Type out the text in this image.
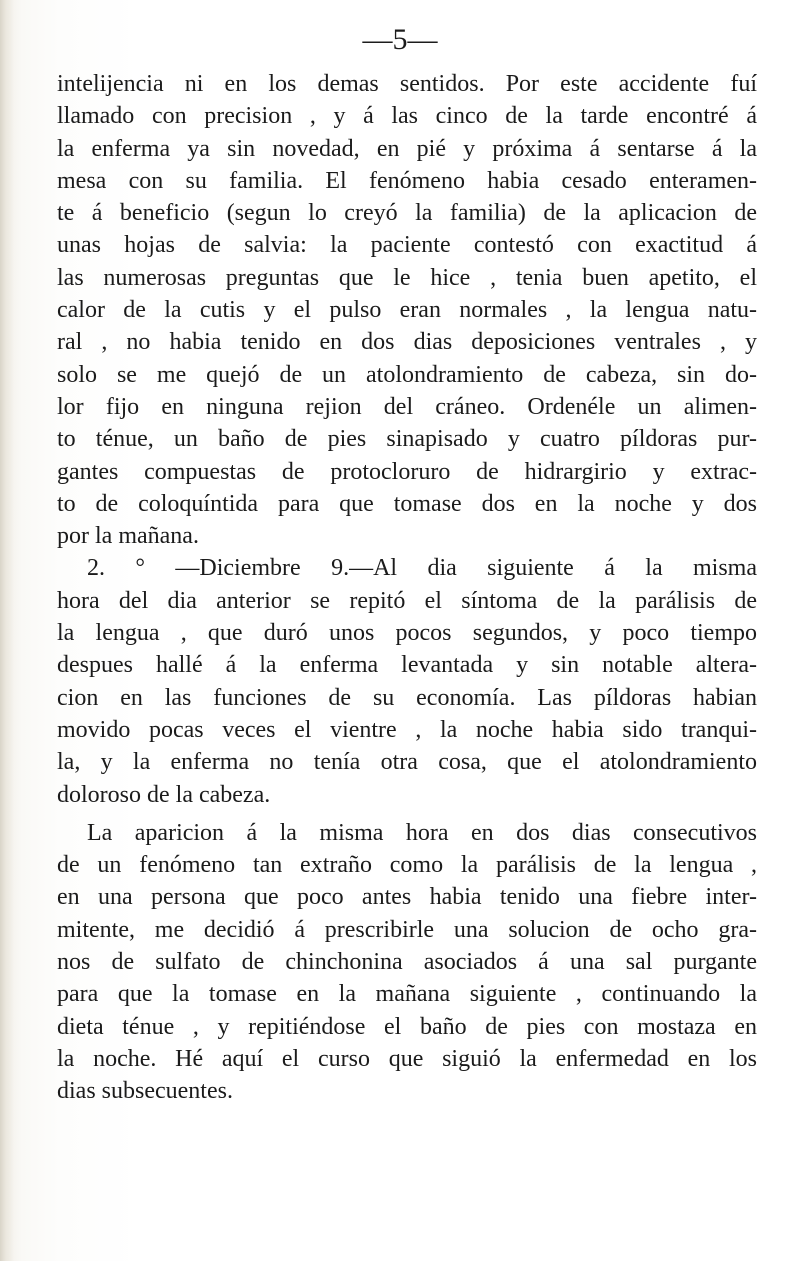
—5—
intelijencia ni en los demas sentidos. Por este accidente fuí
llamado con precision , y á las cinco de la tarde encontré á
la enferma ya sin novedad, en pié y próxima á sentarse á la
mesa con su familia. El fenómeno habia cesado enteramen-
te á beneficio (segun lo creyó la familia) de la aplicacion de
unas hojas de salvia: la paciente contestó con exactitud á
las numerosas preguntas que le hice , tenia buen apetito, el
calor de la cutis y el pulso eran normales , la lengua natu-
ral , no habia tenido en dos dias deposiciones ventrales , y
solo se me quejó de un atolondramiento de cabeza, sin do-
lor fijo en ninguna rejion del cráneo. Ordenéle un alimen-
to ténue, un baño de pies sinapisado y cuatro píldoras pur-
gantes compuestas de protocloruro de hidrargirio y extrac-
to de coloquíntida para que tomase dos en la noche y dos
por la mañana.
2. ° —Diciembre 9.—Al dia siguiente á la misma
hora del dia anterior se repitó el síntoma de la parálisis de
la lengua , que duró unos pocos segundos, y poco tiempo
despues hallé á la enferma levantada y sin notable altera-
cion en las funciones de su economía. Las píldoras habian
movido pocas veces el vientre , la noche habia sido tranqui-
la, y la enferma no tenía otra cosa, que el atolondramiento
doloroso de la cabeza.
La aparicion á la misma hora en dos dias consecutivos
de un fenómeno tan extraño como la parálisis de la lengua ,
en una persona que poco antes habia tenido una fiebre inter-
mitente, me decidió á prescribirle una solucion de ocho gra-
nos de sulfato de chinchonina asociados á una sal purgante
para que la tomase en la mañana siguiente , continuando la
dieta ténue , y repitiéndose el baño de pies con mostaza en
la noche. Hé aquí el curso que siguió la enfermedad en los
dias subsecuentes.
